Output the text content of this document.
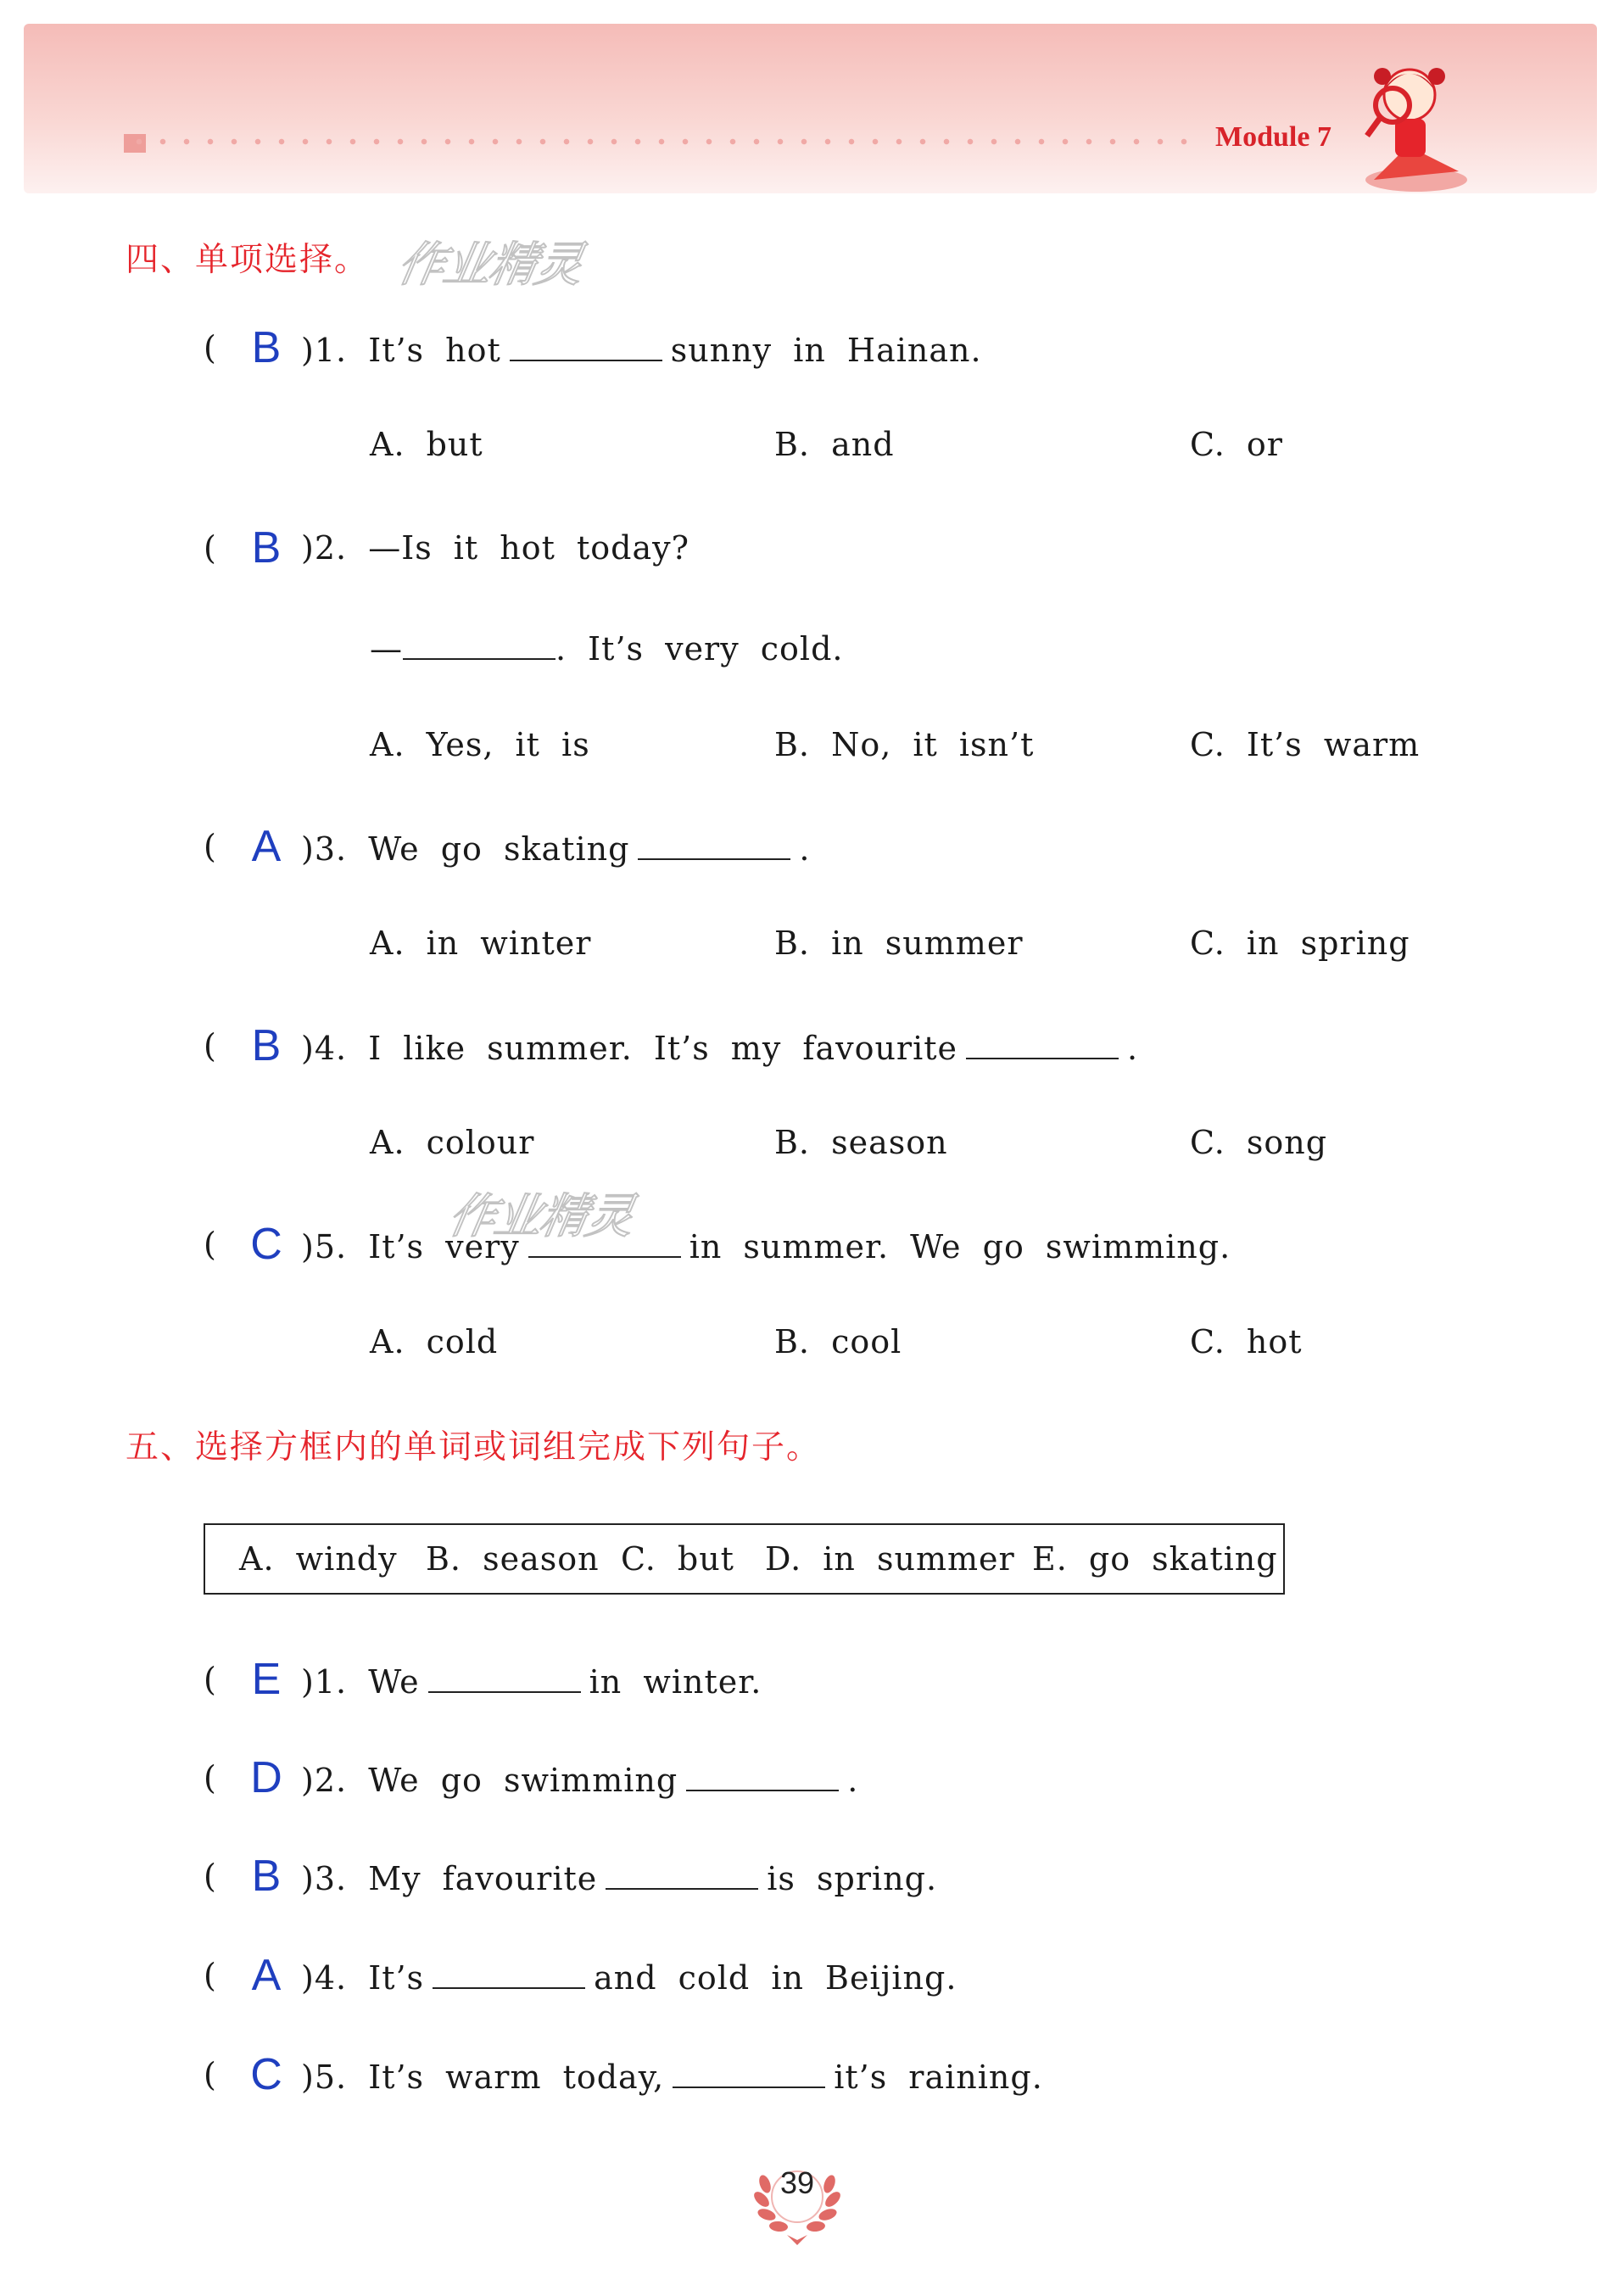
Module 7
四、单项选择。 作业精灵
( B )1. It’s hot	sunny in Hainan.
A. but	B. and	C. or
( B )2. —Is it hot today?
—	. It’s very cold.
A. Yes, it is	B. No, it isn’t	C. It’s warm
( A )3. We go skating	.
A. in winter	B. in summer	C. in spring
( B )4. I like summer. It’s my favourite	.
A. colour	B. season	C. song
作业精灵
( C )5. It’s very	in summer. We go swimming.
A. cold	B. cool	C. hot
五、选择方框内的单词或词组完成下列句子。
A. windy B. season C. but D. in summer E. go skating
( E )1. We	in winter.
( D )2. We go swimming	.
( B )3. My favourite	is spring.
( A )4. It’s	and cold in Beijing.
( C )5. It’s warm today,	it’s raining.
39
